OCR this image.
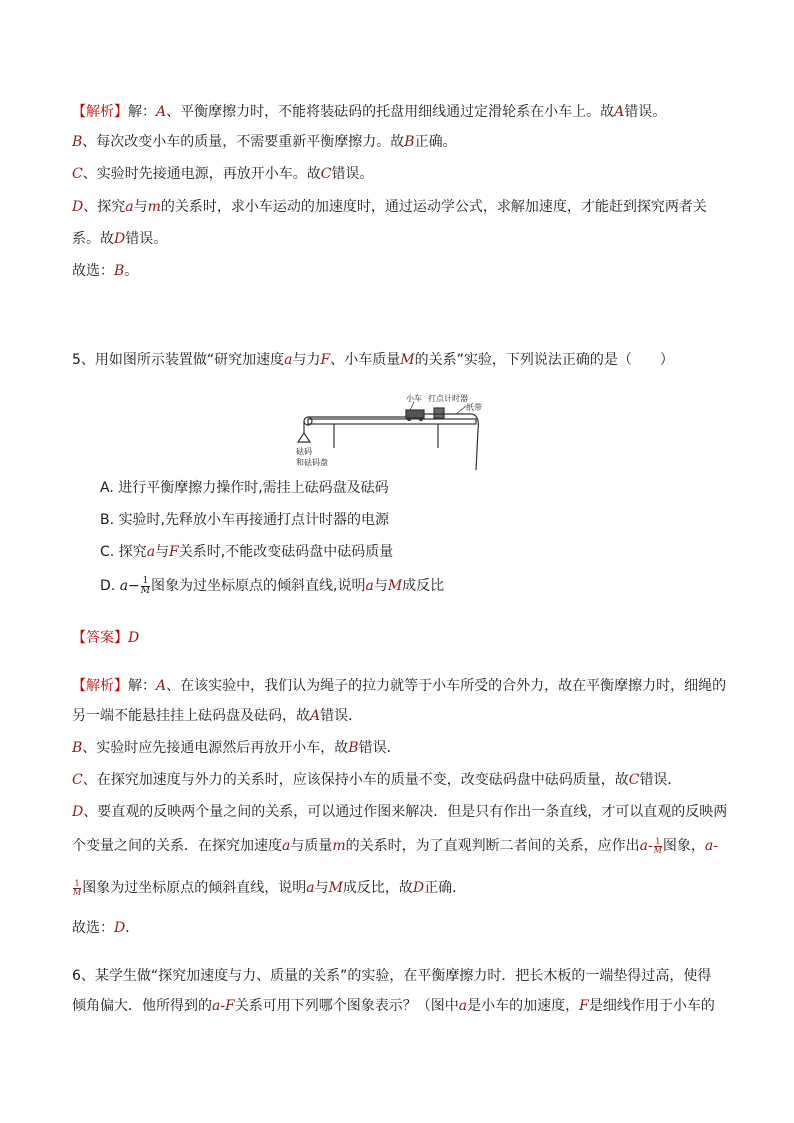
【解析】解：A、平衡摩擦力时，不能将装砝码的托盘用细线通过定滑轮系在小车上。故A错误。
B、每次改变小车的质量，不需要重新平衡摩擦力。故B正确。
C、实验时先接通电源，再放开小车。故C错误。
D、探究a与m的关系时，求小车运动的加速度时，通过运动学公式，求解加速度，才能赶到探究两者关
系。故D错误。
故选：B。
5、用如图所示装置做“研究加速度a与力F、小车质量M的关系”实验，下列说法正确的是（　　）
小车 打点计时器
纸带
砝码
和砝码盘
A. 进行平衡摩擦力操作时,需挂上砝码盘及砝码
B. 实验时,先释放小车再接通打点计时器的电源
C. 探究a与F关系时,不能改变砝码盘中砝码质量
D. $a- \frac{1}{M}$ 图象为过坐标原点的倾斜直线,说明a与M成反比
【答案】D
【解析】解：A、在该实验中，我们认为绳子的拉力就等于小车所受的合外力，故在平衡摩擦力时，细绳的
另一端不能悬挂挂上砝码盘及砝码，故A错误．
B、实验时应先接通电源然后再放开小车，故B错误．
C、在探究加速度与外力的关系时，应该保持小车的质量不变，改变砝码盘中砝码质量，故C错误．
D、要直观的反映两个量之间的关系，可以通过作图来解决．但是只有作出一条直线，才可以直观的反映两
个变量之间的关系．在探究加速度a与质量m的关系时，为了直观判断二者间的关系，应作出$a- \frac{1}{M}$ 图象，a-
$\frac{1}{M}$ 图象为过坐标原点的倾斜直线，说明a与M成反比，故D正确．
故选：D．
6、某学生做“探究加速度与力、质量的关系”的实验，在平衡摩擦力时．把长木板的一端垫得过高，使得
倾角偏大．他所得到的a-F关系可用下列哪个图象表示？（图中a是小车的加速度，F是细线作用于小车的
